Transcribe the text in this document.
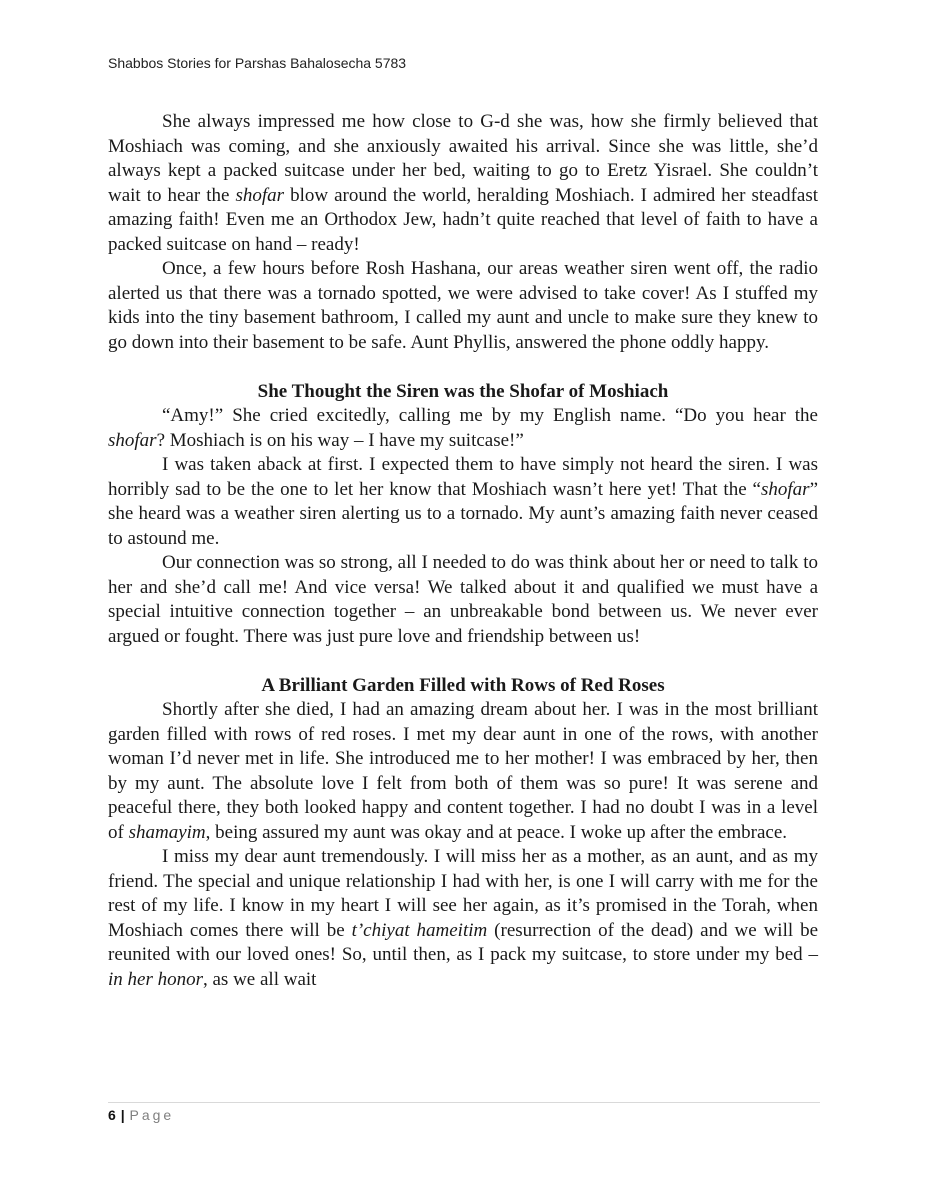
Shabbos Stories for Parshas Bahalosecha 5783

She always impressed me how close to G-d she was, how she firmly believed that Moshiach was coming, and she anxiously awaited his arrival. Since she was little, she’d always kept a packed suitcase under her bed, waiting to go to Eretz Yisrael. She couldn’t wait to hear the shofar blow around the world, heralding Moshiach. I admired her steadfast amazing faith! Even me an Orthodox Jew, hadn’t quite reached that level of faith to have a packed suitcase on hand – ready!

Once, a few hours before Rosh Hashana, our areas weather siren went off, the radio alerted us that there was a tornado spotted, we were advised to take cover! As I stuffed my kids into the tiny basement bathroom, I called my aunt and uncle to make sure they knew to go down into their basement to be safe. Aunt Phyllis, answered the phone oddly happy.

She Thought the Siren was the Shofar of Moshiach

“Amy!” She cried excitedly, calling me by my English name. “Do you hear the shofar? Moshiach is on his way – I have my suitcase!”

I was taken aback at first. I expected them to have simply not heard the siren. I was horribly sad to be the one to let her know that Moshiach wasn’t here yet! That the “shofar” she heard was a weather siren alerting us to a tornado. My aunt’s amazing faith never ceased to astound me.

Our connection was so strong, all I needed to do was think about her or need to talk to her and she’d call me! And vice versa! We talked about it and qualified we must have a special intuitive connection together – an unbreakable bond between us. We never ever argued or fought. There was just pure love and friendship between us!

A Brilliant Garden Filled with Rows of Red Roses

Shortly after she died, I had an amazing dream about her. I was in the most brilliant garden filled with rows of red roses. I met my dear aunt in one of the rows, with another woman I’d never met in life. She introduced me to her mother! I was embraced by her, then by my aunt. The absolute love I felt from both of them was so pure! It was serene and peaceful there, they both looked happy and content together. I had no doubt I was in a level of shamayim, being assured my aunt was okay and at peace. I woke up after the embrace.

I miss my dear aunt tremendously. I will miss her as a mother, as an aunt, and as my friend. The special and unique relationship I had with her, is one I will carry with me for the rest of my life. I know in my heart I will see her again, as it’s promised in the Torah, when Moshiach comes there will be t’chiyat hameitim (resurrection of the dead) and we will be reunited with our loved ones! So, until then, as I pack my suitcase, to store under my bed – in her honor, as we all wait

6 | Page
